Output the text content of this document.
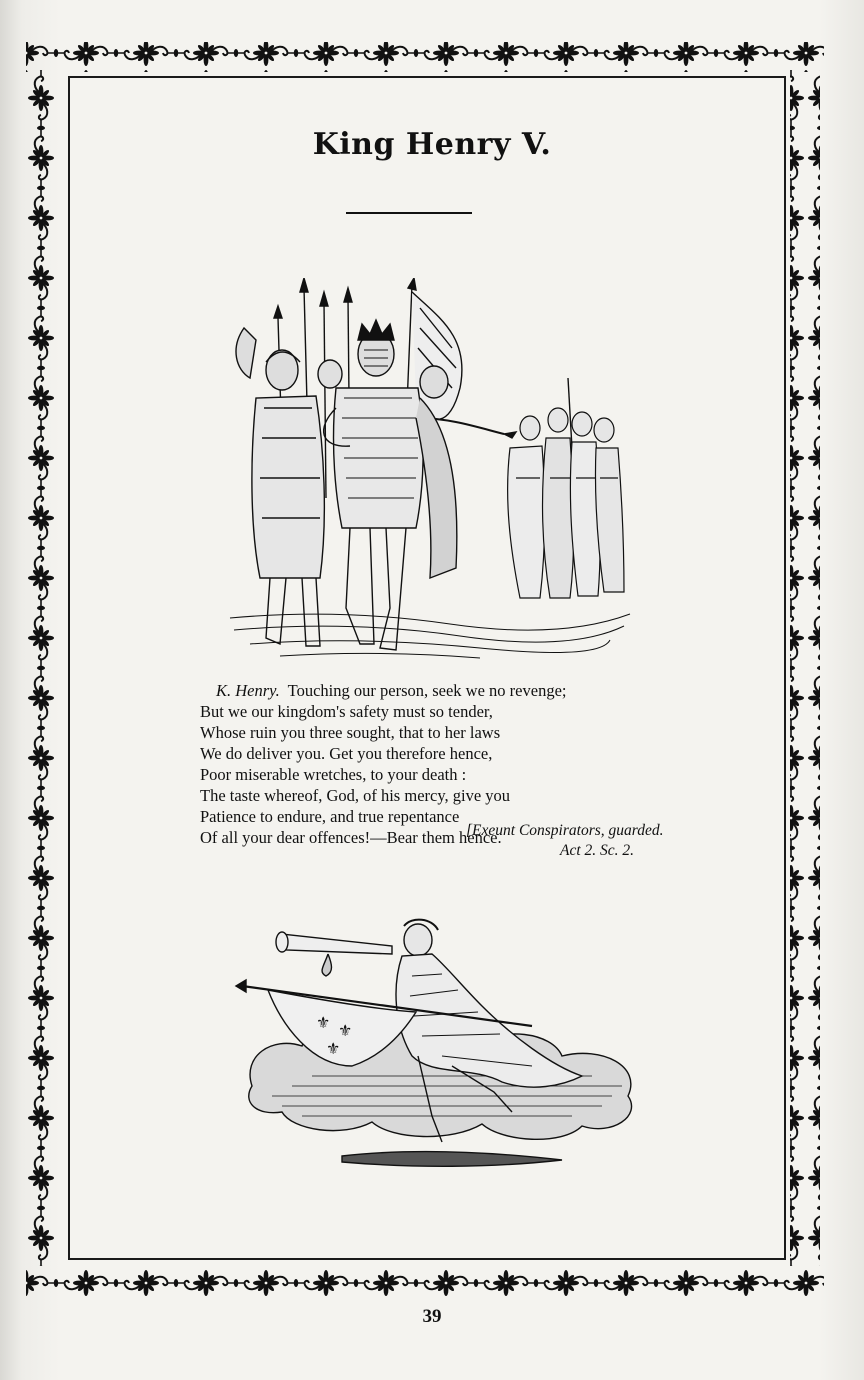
King Henry V.
K. Henry. Touching our person, seek we no revenge;
But we our kingdom's safety must so tender,
Whose ruin you three sought, that to her laws
We do deliver you. Get you therefore hence,
Poor miserable wretches, to your death :
The taste whereof, God, of his mercy, give you
Patience to endure, and true repentance
Of all your dear offences!—Bear them hence.
[Exeunt Conspirators, guarded.
Act 2. Sc. 2.
⚜ ⚜
⚜
39
